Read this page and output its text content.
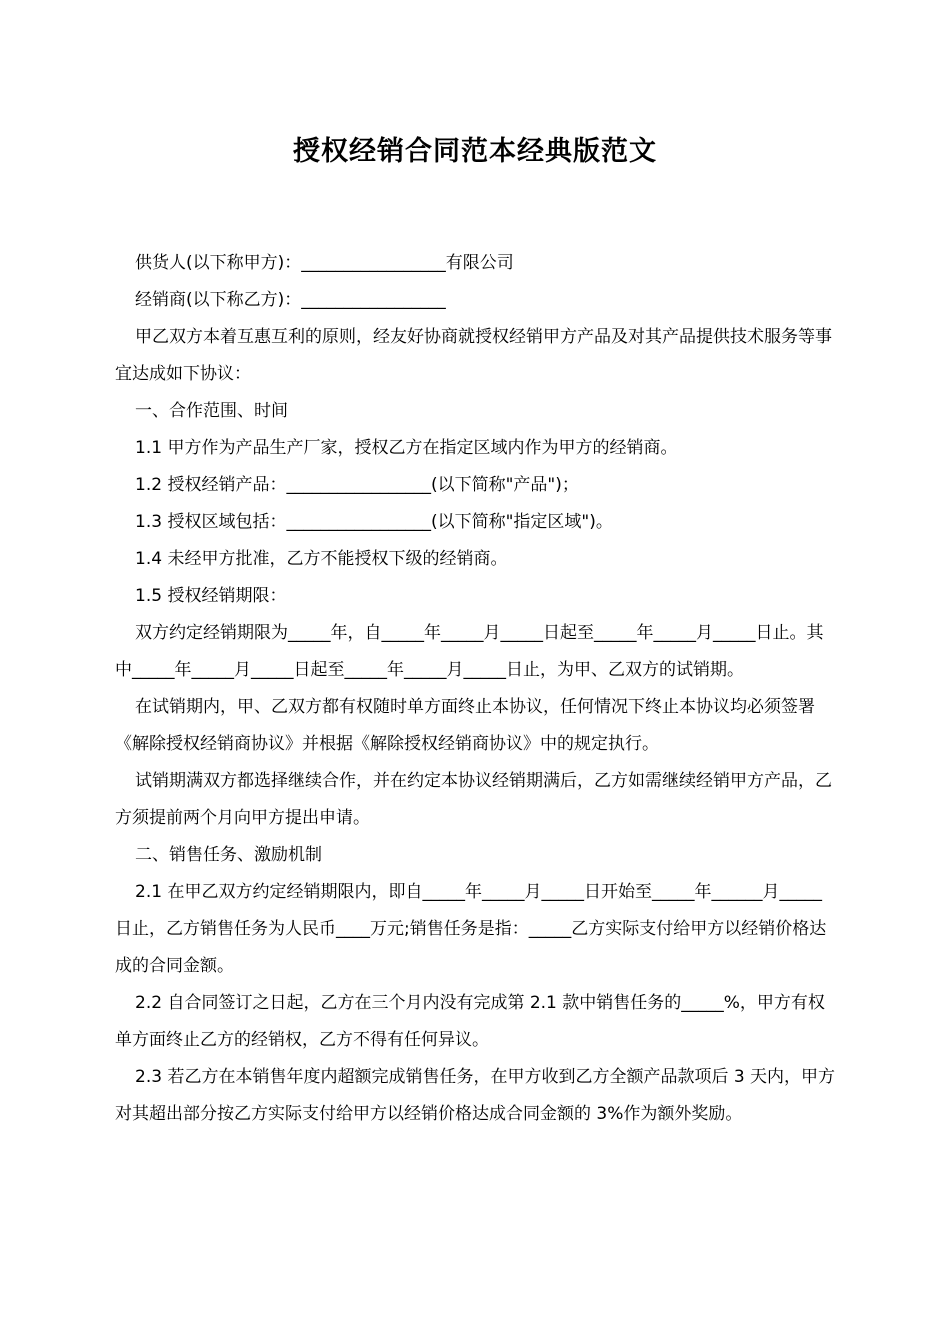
授权经销合同范本经典版范文

供货人(以下称甲方)：_________________有限公司

经销商(以下称乙方)：_________________

甲乙双方本着互惠互利的原则，经友好协商就授权经销甲方产品及对其产品提供技术服务等事宜达成如下协议：

一、合作范围、时间

1.1 甲方作为产品生产厂家，授权乙方在指定区域内作为甲方的经销商。

1.2 授权经销产品：_________________(以下简称"产品")；

1.3 授权区域包括：_________________(以下简称"指定区域")。

1.4 未经甲方批准，乙方不能授权下级的经销商。

1.5 授权经销期限：

双方约定经销期限为_____年，自_____年_____月_____日起至_____年_____月_____日止。其中_____年_____月_____日起至_____年_____月_____日止，为甲、乙双方的试销期。

在试销期内，甲、乙双方都有权随时单方面终止本协议，任何情况下终止本协议均必须签署《解除授权经销商协议》并根据《解除授权经销商协议》中的规定执行。

试销期满双方都选择继续合作，并在约定本协议经销期满后，乙方如需继续经销甲方产品，乙方须提前两个月向甲方提出申请。

二、销售任务、激励机制

2.1 在甲乙双方约定经销期限内，即自_____年_____月_____日开始至_____年______月_____日止，乙方销售任务为人民币____万元;销售任务是指：_____乙方实际支付给甲方以经销价格达成的合同金额。

2.2 自合同签订之日起，乙方在三个月内没有完成第 2.1 款中销售任务的_____%，甲方有权单方面终止乙方的经销权，乙方不得有任何异议。

2.3 若乙方在本销售年度内超额完成销售任务，在甲方收到乙方全额产品款项后 3 天内，甲方对其超出部分按乙方实际支付给甲方以经销价格达成合同金额的 3%作为额外奖励。
